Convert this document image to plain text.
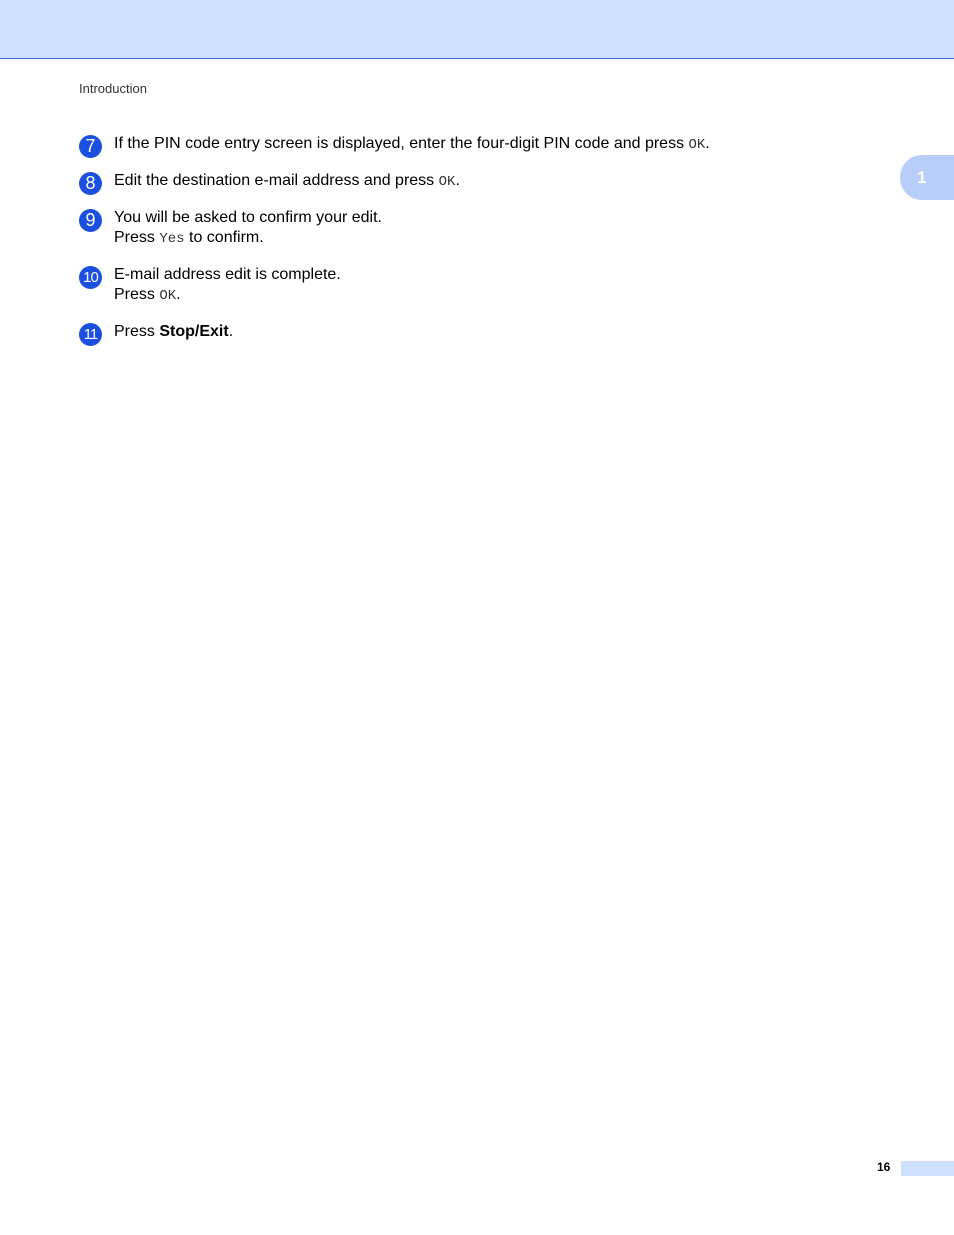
Introduction
1
7	If the PIN code entry screen is displayed, enter the four-digit PIN code and press OK.
8	Edit the destination e-mail address and press OK.
9	You will be asked to confirm your edit.
Press Yes to confirm.
10 E-mail address edit is complete.
Press OK.
11 Press Stop/Exit.
16
